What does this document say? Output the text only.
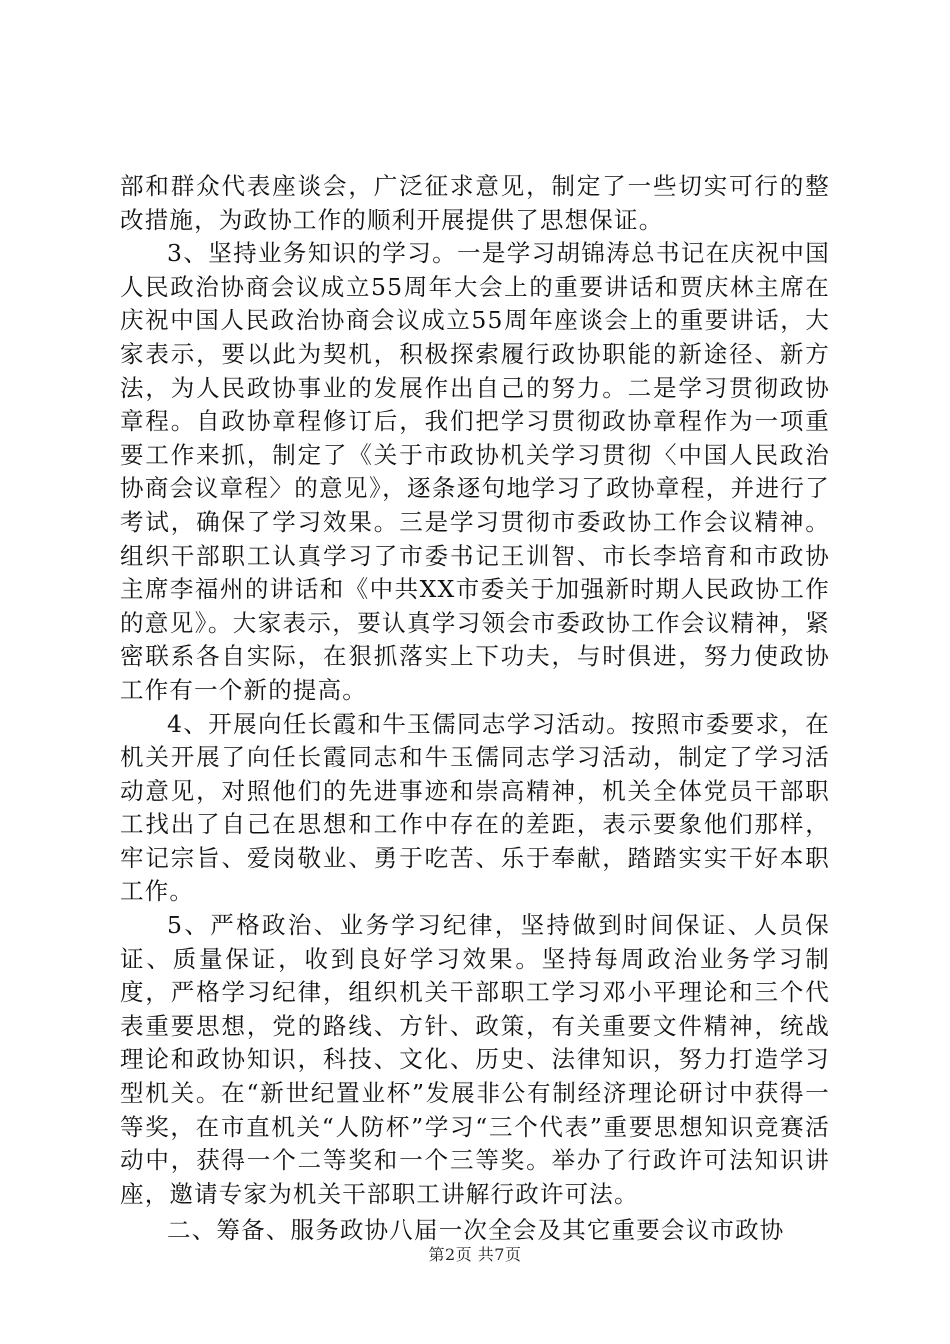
部和群众代表座谈会，广泛征求意见，制定了一些切实可行的整改措施，为政协工作的顺利开展提供了思想保证。

3、坚持业务知识的学习。一是学习胡锦涛总书记在庆祝中国人民政治协商会议成立55周年大会上的重要讲话和贾庆林主席在庆祝中国人民政治协商会议成立55周年座谈会上的重要讲话，大家表示，要以此为契机，积极探索履行政协职能的新途径、新方法，为人民政协事业的发展作出自己的努力。二是学习贯彻政协章程。自政协章程修订后，我们把学习贯彻政协章程作为一项重要工作来抓，制定了《关于市政协机关学习贯彻〈中国人民政治协商会议章程〉的意见》，逐条逐句地学习了政协章程，并进行了考试，确保了学习效果。三是学习贯彻市委政协工作会议精神。组织干部职工认真学习了市委书记王训智、市长李培育和市政协主席李福州的讲话和《中共XX市委关于加强新时期人民政协工作的意见》。大家表示，要认真学习领会市委政协工作会议精神，紧密联系各自实际，在狠抓落实上下功夫，与时俱进，努力使政协工作有一个新的提高。

4、开展向任长霞和牛玉儒同志学习活动。按照市委要求，在机关开展了向任长霞同志和牛玉儒同志学习活动，制定了学习活动意见，对照他们的先进事迹和崇高精神，机关全体党员干部职工找出了自己在思想和工作中存在的差距，表示要象他们那样，牢记宗旨、爱岗敬业、勇于吃苦、乐于奉献，踏踏实实干好本职工作。

5、严格政治、业务学习纪律，坚持做到时间保证、人员保证、质量保证，收到良好学习效果。坚持每周政治业务学习制度，严格学习纪律，组织机关干部职工学习邓小平理论和三个代表重要思想，党的路线、方针、政策，有关重要文件精神，统战理论和政协知识，科技、文化、历史、法律知识，努力打造学习型机关。在“新世纪置业杯”发展非公有制经济理论研讨中获得一等奖，在市直机关“人防杯”学习“三个代表”重要思想知识竞赛活动中，获得一个二等奖和一个三等奖。举办了行政许可法知识讲座，邀请专家为机关干部职工讲解行政许可法。

二、筹备、服务政协八届一次全会及其它重要会议市政协

第2页 共7页
